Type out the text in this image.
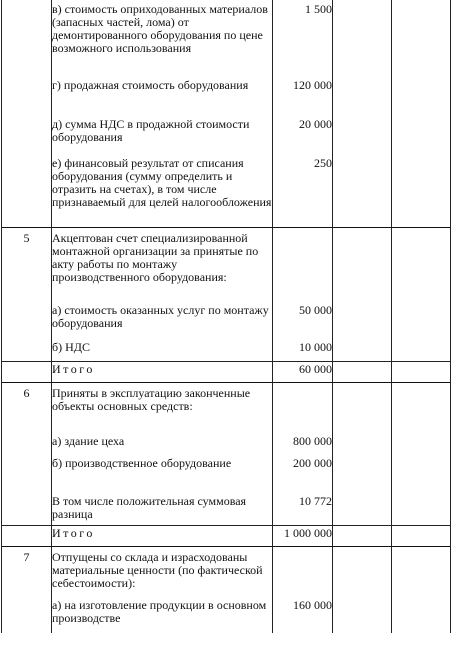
	в) стоимость оприходованных материалов (запасных частей, лома) от демонтированного оборудования по цене возможного использования	1 500		
	г) продажная стоимость оборудования	120 000		
	д) сумма НДС в продажной стоимости оборудования	20 000		
	е) финансовый результат от списания оборудования (сумму определить и отразить на счетах), в том числе признаваемый для целей налогообложения	250		
5	Акцептован счет специализированной монтажной организации за принятые по акту работы по монтажу производственного оборудования:			
	а) стоимость оказанных услуг по монтажу оборудования	50 000		
	б) НДС	10 000		
	Итого	60 000		
6	Приняты в эксплуатацию законченные объекты основных средств:			
	а) здание цеха	800 000		
	б) производственное оборудование	200 000		
	В том числе положительная суммовая разница	10 772		
	Итого	1 000 000		
7	Отпущены со склада и израсходованы материальные ценности (по фактической себестоимости):			
	а) на изготовление продукции в основном производстве	160 000		
